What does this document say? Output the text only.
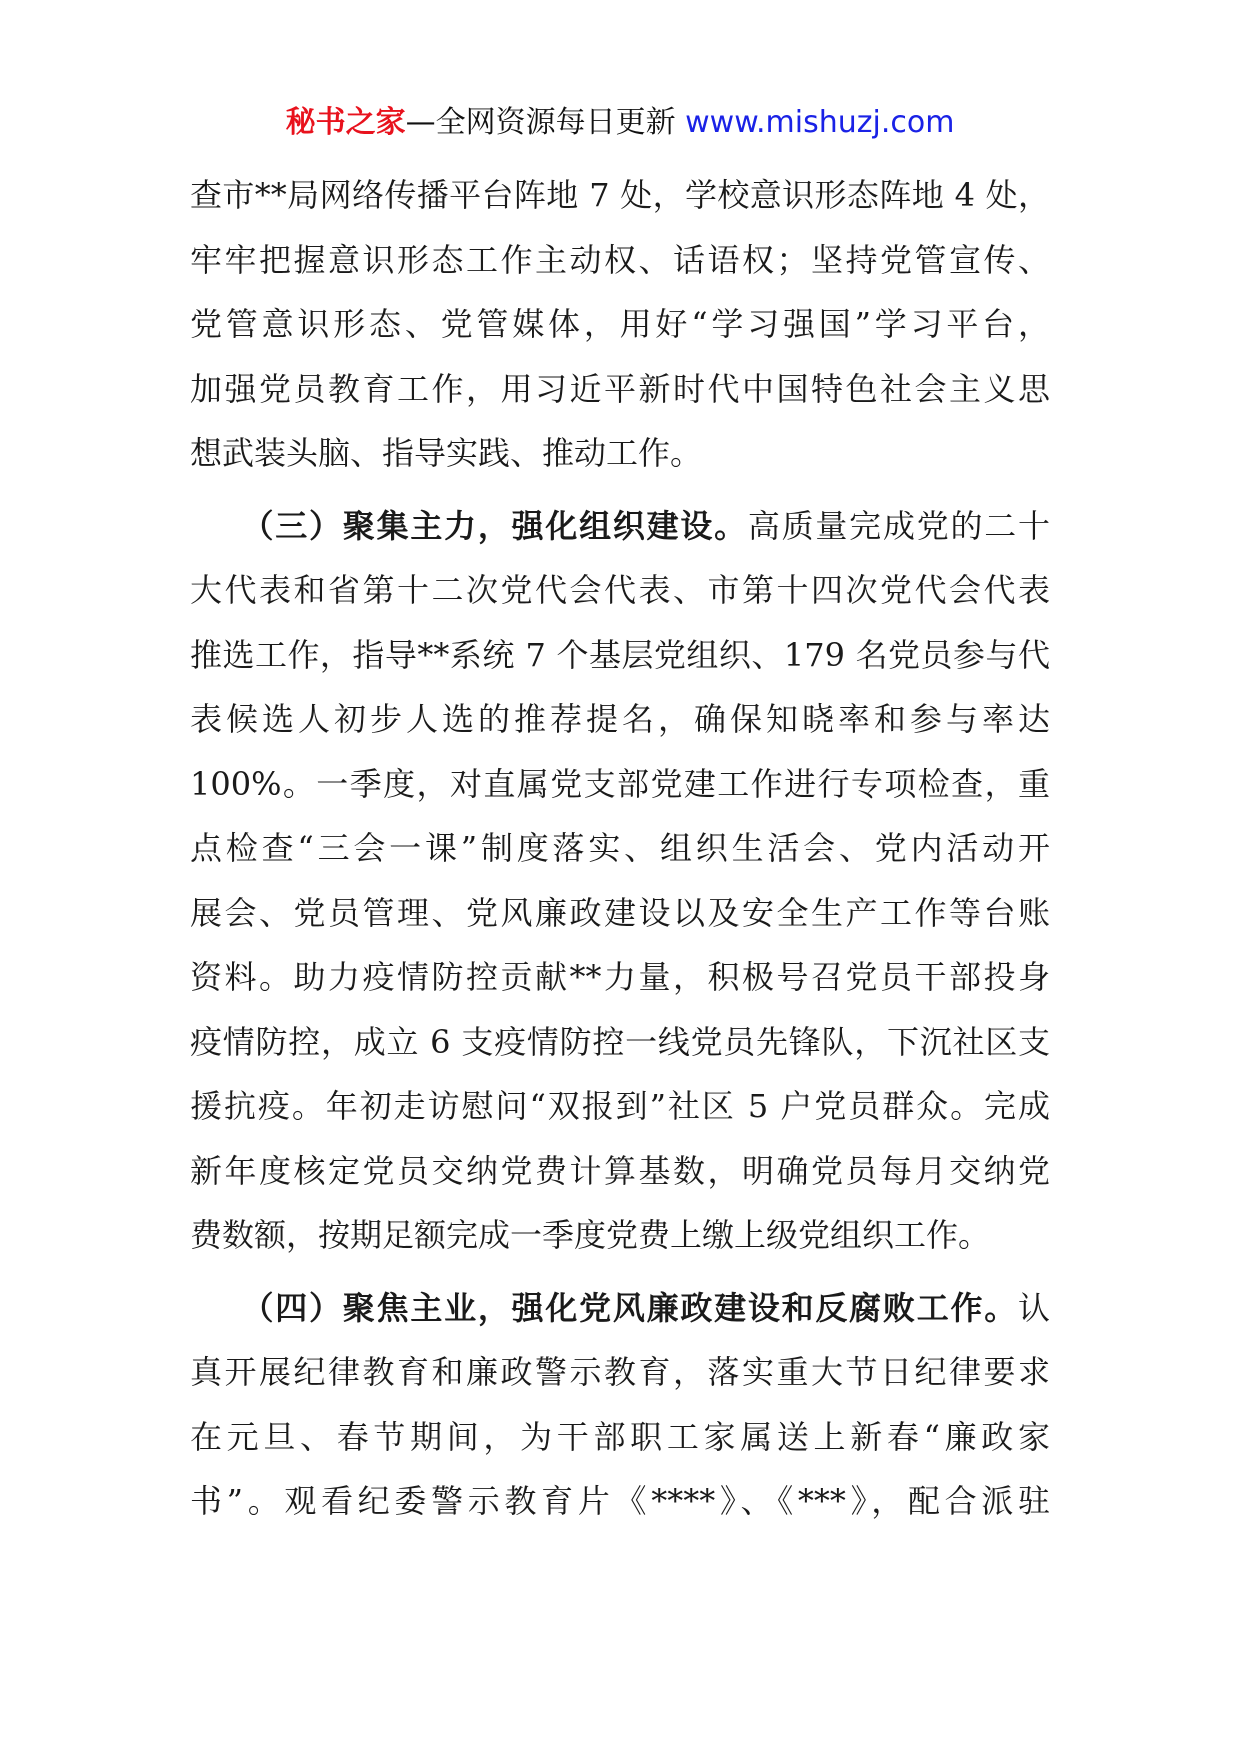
秘书之家—全网资源每日更新 www.mishuzj.com
查市**局网络传播平台阵地 7 处，学校意识形态阵地 4 处，
牢牢把握意识形态工作主动权、话语权；坚持党管宣传、
党管意识形态、党管媒体，用好“学习强国”学习平台，
加强党员教育工作，用习近平新时代中国特色社会主义思
想武装头脑、指导实践、推动工作。
　　（三）聚集主力，强化组织建设。高质量完成党的二十
大代表和省第十二次党代会代表、市第十四次党代会代表
推选工作，指导**系统 7 个基层党组织、179 名党员参与代
表候选人初步人选的推荐提名，确保知晓率和参与率达
100%。一季度，对直属党支部党建工作进行专项检查，重
点检查“三会一课”制度落实、组织生活会、党内活动开
展会、党员管理、党风廉政建设以及安全生产工作等台账
资料。助力疫情防控贡献**力量，积极号召党员干部投身
疫情防控，成立 6 支疫情防控一线党员先锋队，下沉社区支
援抗疫。年初走访慰问“双报到”社区 5 户党员群众。完成
新年度核定党员交纳党费计算基数，明确党员每月交纳党
费数额，按期足额完成一季度党费上缴上级党组织工作。
　　（四）聚焦主业，强化党风廉政建设和反腐败工作。认
真开展纪律教育和廉政警示教育，落实重大节日纪律要求
在元旦、春节期间，为干部职工家属送上新春“廉政家
书”。观看纪委警示教育片《****》、《***》，配合派驻
